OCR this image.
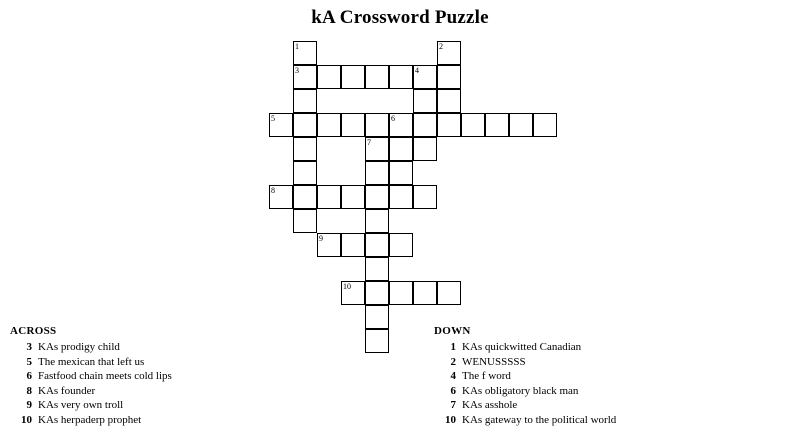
kA Crossword Puzzle
1	2
3	4
5	6
7
8
9
10
ACROSS
3 KAs prodigy child
5 The mexican that left us
6 Fastfood chain meets cold lips
8 KAs founder
9 KAs very own troll
10 KAs herpaderp prophet
DOWN
1 KAs quickwitted Canadian
2 WENUSSSSS
4 The f word
6 KAs obligatory black man
7 KAs asshole
10 KAs gateway to the political world
